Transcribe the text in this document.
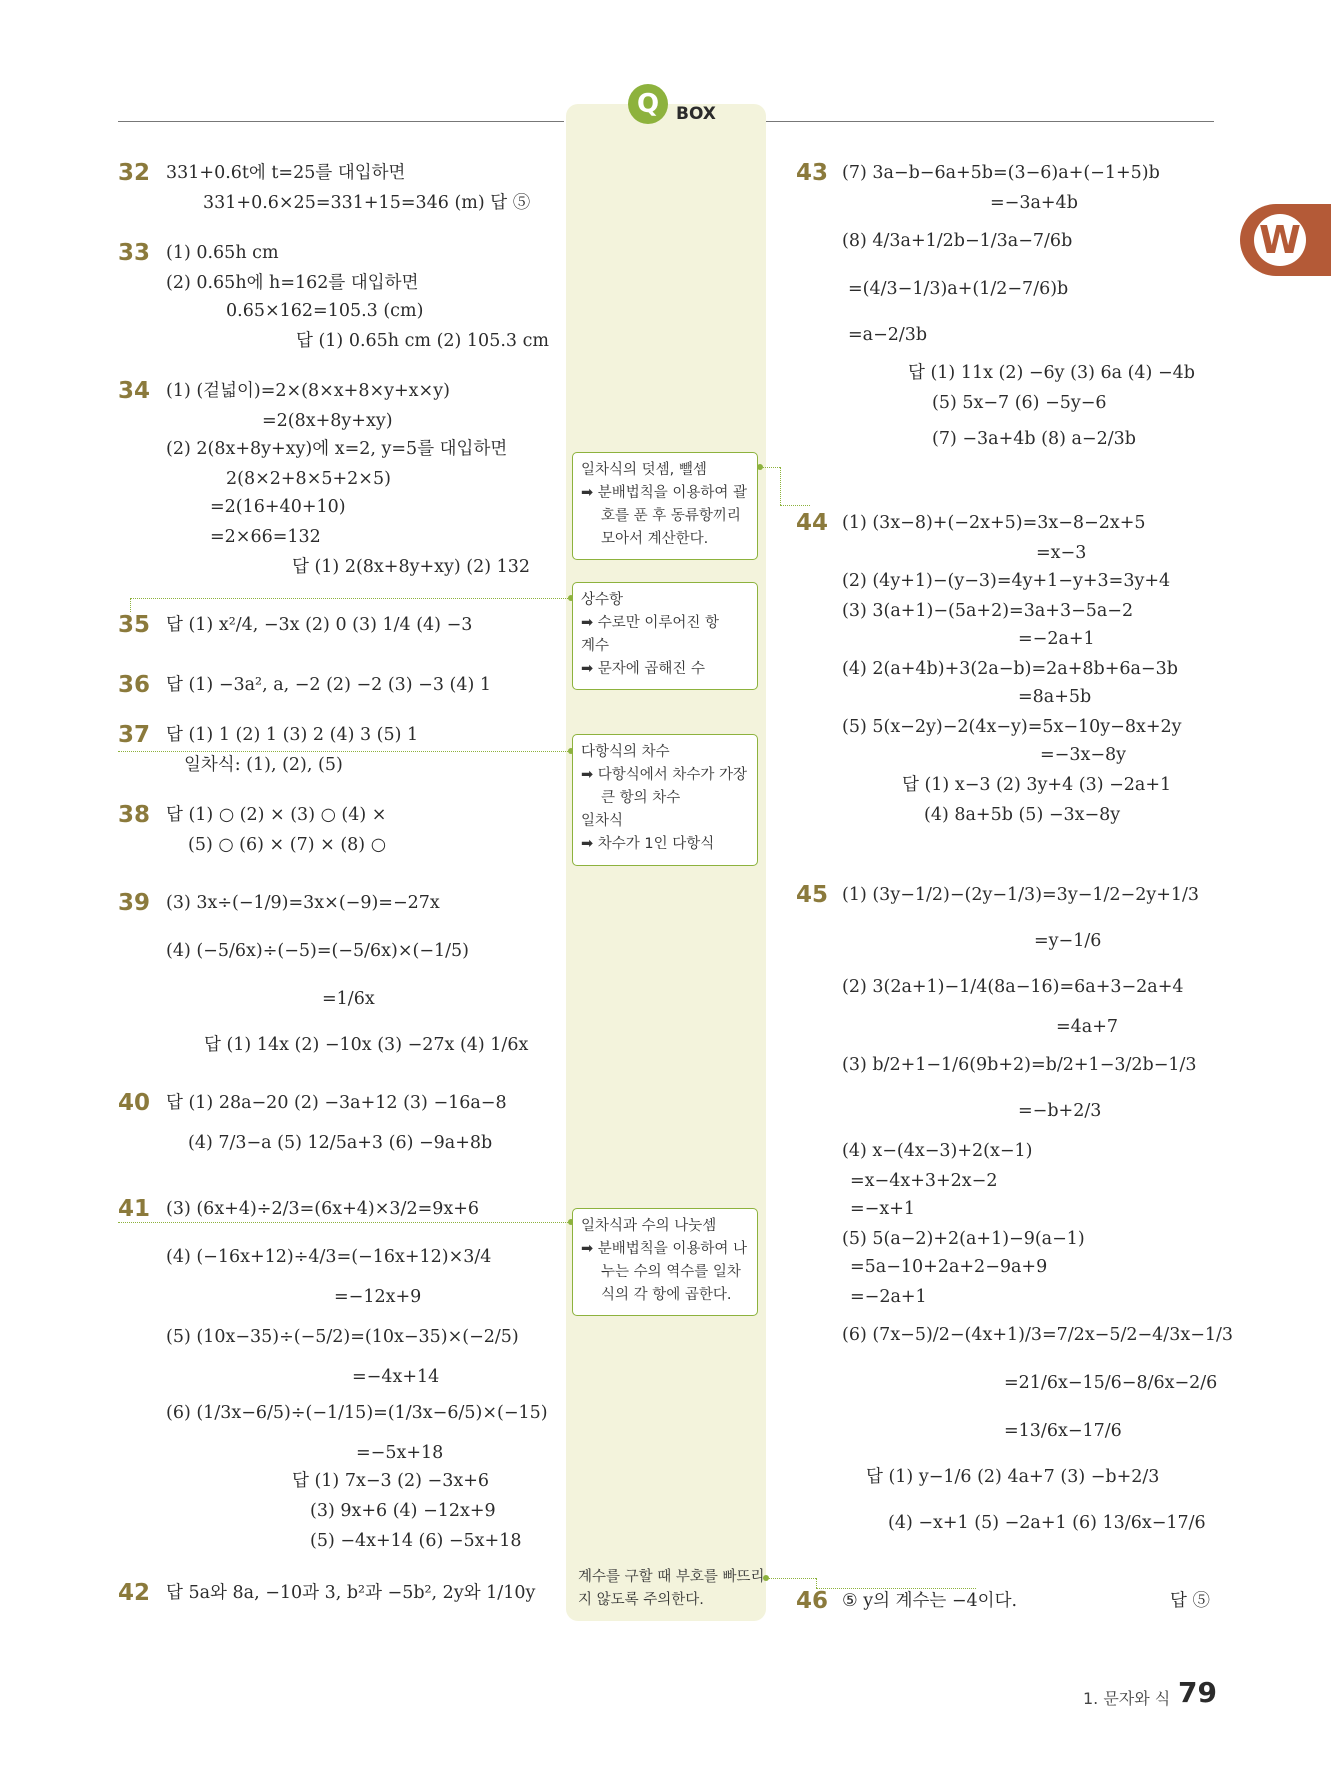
Q BOX
W
32
33
34
35
36
37
38
39
40
41
42
43
44
45
46
331+0.6t에 t=25를 대입하면
331+0.6×25=331+15=346 (m) 답 ⑤
(1) 0.65h cm
(2) 0.65h에 h=162를 대입하면
0.65×162=105.3 (cm)
답 (1) 0.65h cm (2) 105.3 cm
(1) (겉넓이)=2×(8×x+8×y+x×y)
=2(8x+8y+xy)
(2) 2(8x+8y+xy)에 x=2, y=5를 대입하면
2(8×2+8×5+2×5)
=2(16+40+10)
=2×66=132
답 (1) 2(8x+8y+xy) (2) 132
답 (1) x²/4, −3x (2) 0 (3) 1/4 (4) −3
답 (1) −3a², a, −2 (2) −2 (3) −3 (4) 1
답 (1) 1 (2) 1 (3) 2 (4) 3 (5) 1
일차식: (1), (2), (5)
답 (1) ○ (2) × (3) ○ (4) ×
(5) ○ (6) × (7) × (8) ○
(3) 3x÷(−1/9)=3x×(−9)=−27x
(4) (−5/6x)÷(−5)=(−5/6x)×(−1/5)
=1/6x
답 (1) 14x (2) −10x (3) −27x (4) 1/6x
답 (1) 28a−20 (2) −3a+12 (3) −16a−8
(4) 7/3−a (5) 12/5a+3 (6) −9a+8b
(3) (6x+4)÷2/3=(6x+4)×3/2=9x+6
(4) (−16x+12)÷4/3=(−16x+12)×3/4
=−12x+9
(5) (10x−35)÷(−5/2)=(10x−35)×(−2/5)
=−4x+14
(6) (1/3x−6/5)÷(−1/15)=(1/3x−6/5)×(−15)
=−5x+18
답 (1) 7x−3 (2) −3x+6
(3) 9x+6 (4) −12x+9
(5) −4x+14 (6) −5x+18
답 5a와 8a, −10과 3, b²과 −5b², 2y와 1/10y
(7) 3a−b−6a+5b=(3−6)a+(−1+5)b
=−3a+4b
(8) 4/3a+1/2b−1/3a−7/6b
=(4/3−1/3)a+(1/2−7/6)b
=a−2/3b
답 (1) 11x (2) −6y (3) 6a (4) −4b
(5) 5x−7 (6) −5y−6
(7) −3a+4b (8) a−2/3b
(1) (3x−8)+(−2x+5)=3x−8−2x+5
=x−3
(2) (4y+1)−(y−3)=4y+1−y+3=3y+4
(3) 3(a+1)−(5a+2)=3a+3−5a−2
=−2a+1
(4) 2(a+4b)+3(2a−b)=2a+8b+6a−3b
=8a+5b
(5) 5(x−2y)−2(4x−y)=5x−10y−8x+2y
=−3x−8y
답 (1) x−3 (2) 3y+4 (3) −2a+1
(4) 8a+5b (5) −3x−8y
(1) (3y−1/2)−(2y−1/3)=3y−1/2−2y+1/3
=y−1/6
(2) 3(2a+1)−1/4(8a−16)=6a+3−2a+4
=4a+7
(3) b/2+1−1/6(9b+2)=b/2+1−3/2b−1/3
=−b+2/3
(4) x−(4x−3)+2(x−1)
=x−4x+3+2x−2
=−x+1
(5) 5(a−2)+2(a+1)−9(a−1)
=5a−10+2a+2−9a+9
=−2a+1
(6) (7x−5)/2−(4x+1)/3=7/2x−5/2−4/3x−1/3
=21/6x−15/6−8/6x−2/6
=13/6x−17/6
답 (1) y−1/6 (2) 4a+7 (3) −b+2/3
(4) −x+1 (5) −2a+1 (6) 13/6x−17/6
⑤ y의 계수는 −4이다.	답 ⑤
일차식의 덧셈, 뺄셈
➡ 분배법칙을 이용하여 괄호를 푼 후 동류항끼리 모아서 계산한다.
상수항
➡ 수로만 이루어진 항
계수
➡ 문자에 곱해진 수
다항식의 차수
➡ 다항식에서 차수가 가장 큰 항의 차수
일차식
➡ 차수가 1인 다항식
일차식과 수의 나눗셈
➡ 분배법칙을 이용하여 나누는 수의 역수를 일차식의 각 항에 곱한다.
계수를 구할 때 부호를 빠뜨리지 않도록 주의한다.
1. 문자와 식 79
